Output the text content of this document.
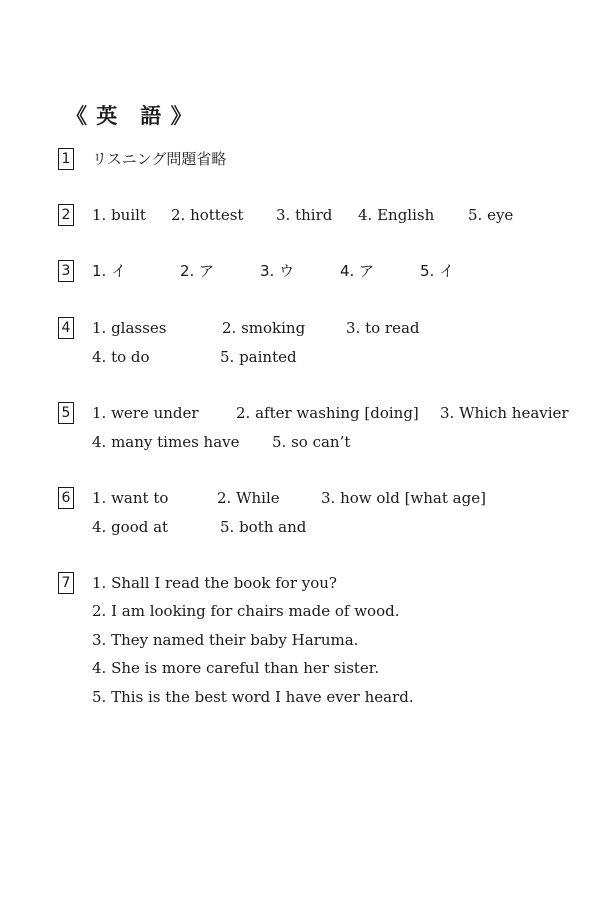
《 英　語 》
1 リスニング問題省略
2 1. built 2. hottest 3. third 4. English 5. eye
3 1. イ	2. ア	3. ウ	4. ア	5. イ
4 1. glasses	2. smoking	3. to read
4. to do	5. painted
5 1. were under 2. after washing [doing] 3. Which heavier
4. many times have 5. so can’t
6 1. want to	2. While	3. how old [what age]
4. good at	5. both and
7 1. Shall I read the book for you?
2. I am looking for chairs made of wood.
3. They named their baby Haruma.
4. She is more careful than her sister.
5. This is the best word I have ever heard.
